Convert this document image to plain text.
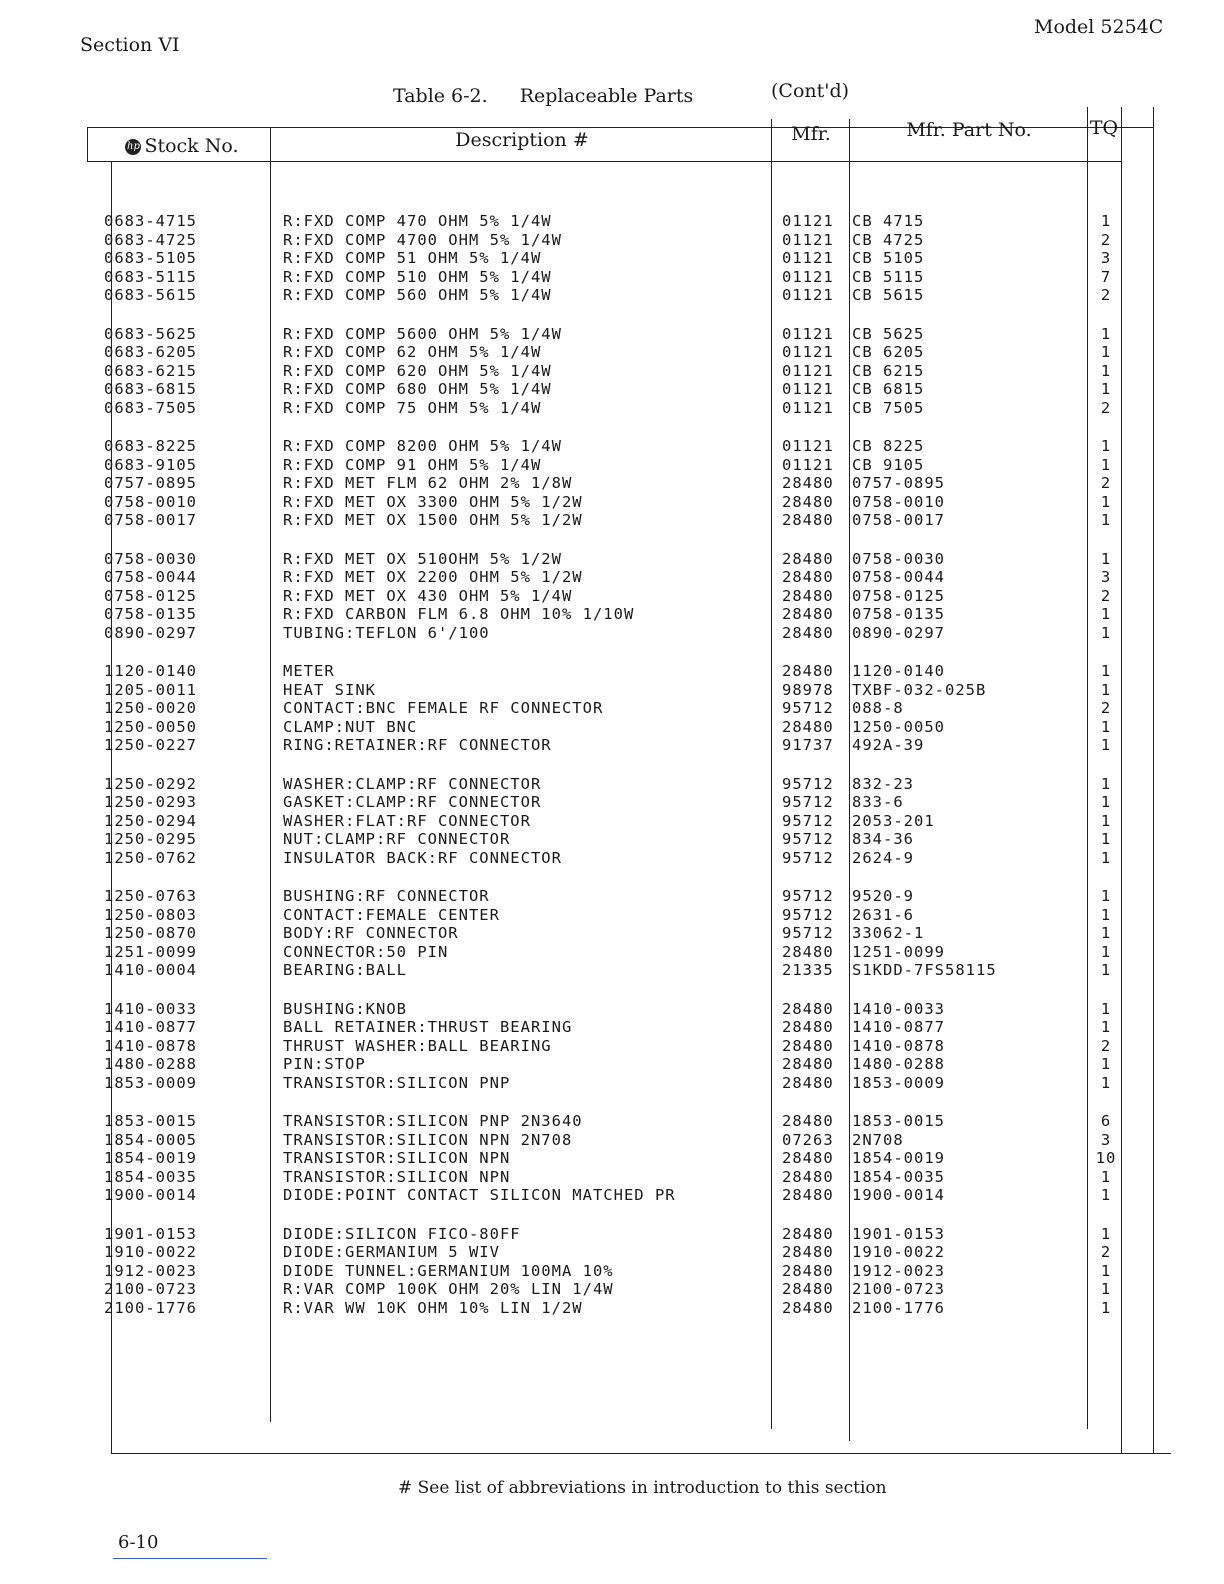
Section VI
Model 5254C
Table 6-2. Replaceable Parts	(Cont'd)
hp Stock No.	Description #	Mfr.	Mfr. Part No.	TQ
0683-4715	R:FXD COMP 470 OHM 5% 1/4W	01121 CB 4715	1
0683-4725	R:FXD COMP 4700 OHM 5% 1/4W	01121 CB 4725	2
0683-5105	R:FXD COMP 51 OHM 5% 1/4W	01121 CB 5105	3
0683-5115	R:FXD COMP 510 OHM 5% 1/4W	01121 CB 5115	7
0683-5615	R:FXD COMP 560 OHM 5% 1/4W	01121 CB 5615	2
0683-5625	R:FXD COMP 5600 OHM 5% 1/4W	01121 CB 5625	1
0683-6205	R:FXD COMP 62 OHM 5% 1/4W	01121 CB 6205	1
0683-6215	R:FXD COMP 620 OHM 5% 1/4W	01121 CB 6215	1
0683-6815	R:FXD COMP 680 OHM 5% 1/4W	01121 CB 6815	1
0683-7505	R:FXD COMP 75 OHM 5% 1/4W	01121 CB 7505	2
0683-8225	R:FXD COMP 8200 OHM 5% 1/4W	01121 CB 8225	1
0683-9105	R:FXD COMP 91 OHM 5% 1/4W	01121 CB 9105	1
0757-0895	R:FXD MET FLM 62 OHM 2% 1/8W	28480 0757-0895	2
0758-0010	R:FXD MET OX 3300 OHM 5% 1/2W	28480 0758-0010	1
0758-0017	R:FXD MET OX 1500 OHM 5% 1/2W	28480 0758-0017	1
0758-0030	R:FXD MET OX 510OHM 5% 1/2W	28480 0758-0030	1
0758-0044	R:FXD MET OX 2200 OHM 5% 1/2W	28480 0758-0044	3
0758-0125	R:FXD MET OX 430 OHM 5% 1/4W	28480 0758-0125	2
0758-0135	R:FXD CARBON FLM 6.8 OHM 10% 1/10W	28480 0758-0135	1
0890-0297	TUBING:TEFLON 6'/100	28480 0890-0297	1
1120-0140	METER	28480 1120-0140	1
1205-0011	HEAT SINK	98978 TXBF-032-025B	1
1250-0020	CONTACT:BNC FEMALE RF CONNECTOR	95712 088-8	2
1250-0050	CLAMP:NUT BNC	28480 1250-0050	1
1250-0227	RING:RETAINER:RF CONNECTOR	91737 492A-39	1
1250-0292	WASHER:CLAMP:RF CONNECTOR	95712 832-23	1
1250-0293	GASKET:CLAMP:RF CONNECTOR	95712 833-6	1
1250-0294	WASHER:FLAT:RF CONNECTOR	95712 2053-201	1
1250-0295	NUT:CLAMP:RF CONNECTOR	95712 834-36	1
1250-0762	INSULATOR BACK:RF CONNECTOR	95712 2624-9	1
1250-0763	BUSHING:RF CONNECTOR	95712 9520-9	1
1250-0803	CONTACT:FEMALE CENTER	95712 2631-6	1
1250-0870	BODY:RF CONNECTOR	95712 33062-1	1
1251-0099	CONNECTOR:50 PIN	28480 1251-0099	1
1410-0004	BEARING:BALL	21335 S1KDD-7FS58115	1
1410-0033	BUSHING:KNOB	28480 1410-0033	1
1410-0877	BALL RETAINER:THRUST BEARING	28480 1410-0877	1
1410-0878	THRUST WASHER:BALL BEARING	28480 1410-0878	2
1480-0288	PIN:STOP	28480 1480-0288	1
1853-0009	TRANSISTOR:SILICON PNP	28480 1853-0009	1
1853-0015	TRANSISTOR:SILICON PNP 2N3640	28480 1853-0015	6
1854-0005	TRANSISTOR:SILICON NPN 2N708	07263 2N708	3
1854-0019	TRANSISTOR:SILICON NPN	28480 1854-0019	10
1854-0035	TRANSISTOR:SILICON NPN	28480 1854-0035	1
1900-0014	DIODE:POINT CONTACT SILICON MATCHED PR	28480 1900-0014	1
1901-0153	DIODE:SILICON FICO-80FF	28480 1901-0153	1
1910-0022	DIODE:GERMANIUM 5 WIV	28480 1910-0022	2
1912-0023	DIODE TUNNEL:GERMANIUM 100MA 10%	28480 1912-0023	1
2100-0723	R:VAR COMP 100K OHM 20% LIN 1/4W	28480 2100-0723	1
2100-1776	R:VAR WW 10K OHM 10% LIN 1/2W	28480 2100-1776	1
# See list of abbreviations in introduction to this section
6-10
